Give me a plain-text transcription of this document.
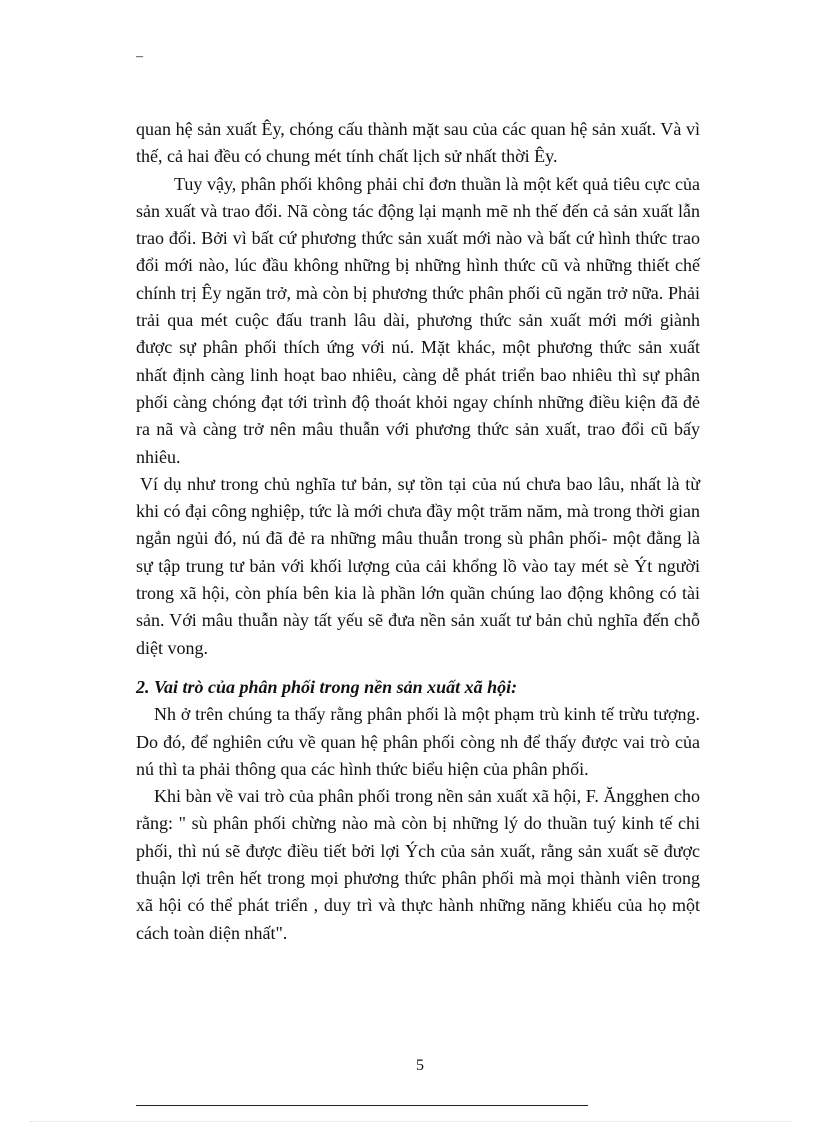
–

quan hệ sản xuất Êy, chóng cấu thành mặt sau của các quan hệ sản xuất. Và vì thế, cả hai đều có chung mét tính chất lịch sử nhất thời Êy.

Tuy vậy, phân phối không phải chỉ đơn thuần là một kết quả tiêu cực của sản xuất và trao đổi. Nã còng tác động lại mạnh mẽ nh thế đến cả sản xuất lẫn trao đổi. Bởi vì bất cứ phương thức sản xuất mới nào và bất cứ hình thức trao đổi mới nào, lúc đầu không những bị những hình thức cũ và những thiết chế chính trị Êy ngăn trở, mà còn bị phương thức phân phối cũ ngăn trở nữa. Phải trải qua mét cuộc đấu tranh lâu dài, phương thức sản xuất mới mới giành được sự phân phối thích ứng với nú. Mặt khác, một phương thức sản xuất nhất định càng linh hoạt bao nhiêu, càng dễ phát triển bao nhiêu thì sự phân phối càng chóng đạt tới trình độ thoát khỏi ngay chính những điều kiện đã đẻ ra nã và càng trở nên mâu thuẫn với phương thức sản xuất, trao đổi cũ bấy nhiêu.

Ví dụ như trong chủ nghĩa tư bản, sự tồn tại của nú chưa bao lâu, nhất là từ khi có đại công nghiệp, tức là mới chưa đầy một trăm năm, mà trong thời gian ngắn ngủi đó, nú đã đẻ ra những mâu thuẫn trong sù phân phối- một đằng là sự tập trung tư bản với khối lượng của cải khổng lồ vào tay mét sè Ýt người trong xã hội, còn phía bên kia là phần lớn quần chúng lao động không có tài sản. Với mâu thuẫn này tất yếu sẽ đưa nền sản xuất tư bản chủ nghĩa đến chỗ diệt vong.

2. Vai trò của phân phối trong nền sản xuất xã hội:

Nh ở trên chúng ta thấy rằng phân phối là một phạm trù kinh tế trừu tượng. Do đó, để nghiên cứu về quan hệ phân phối còng nh để thấy được vai trò của nú thì ta phải thông qua các hình thức biểu hiện của phân phối.

Khi bàn về vai trò của phân phối trong nền sản xuất xã hội, F. Ăngghen cho rằng: " sù phân phối chừng nào mà còn bị những lý do thuần tuý kinh tế chi phối, thì nú sẽ được điều tiết bởi lợi Ých của sản xuất, rằng sản xuất sẽ được thuận lợi trên hết trong mọi phương thức phân phối mà mọi thành viên trong xã hội có thể phát triển , duy trì và thực hành những năng khiếu của họ một cách toàn diện nhất".

5
